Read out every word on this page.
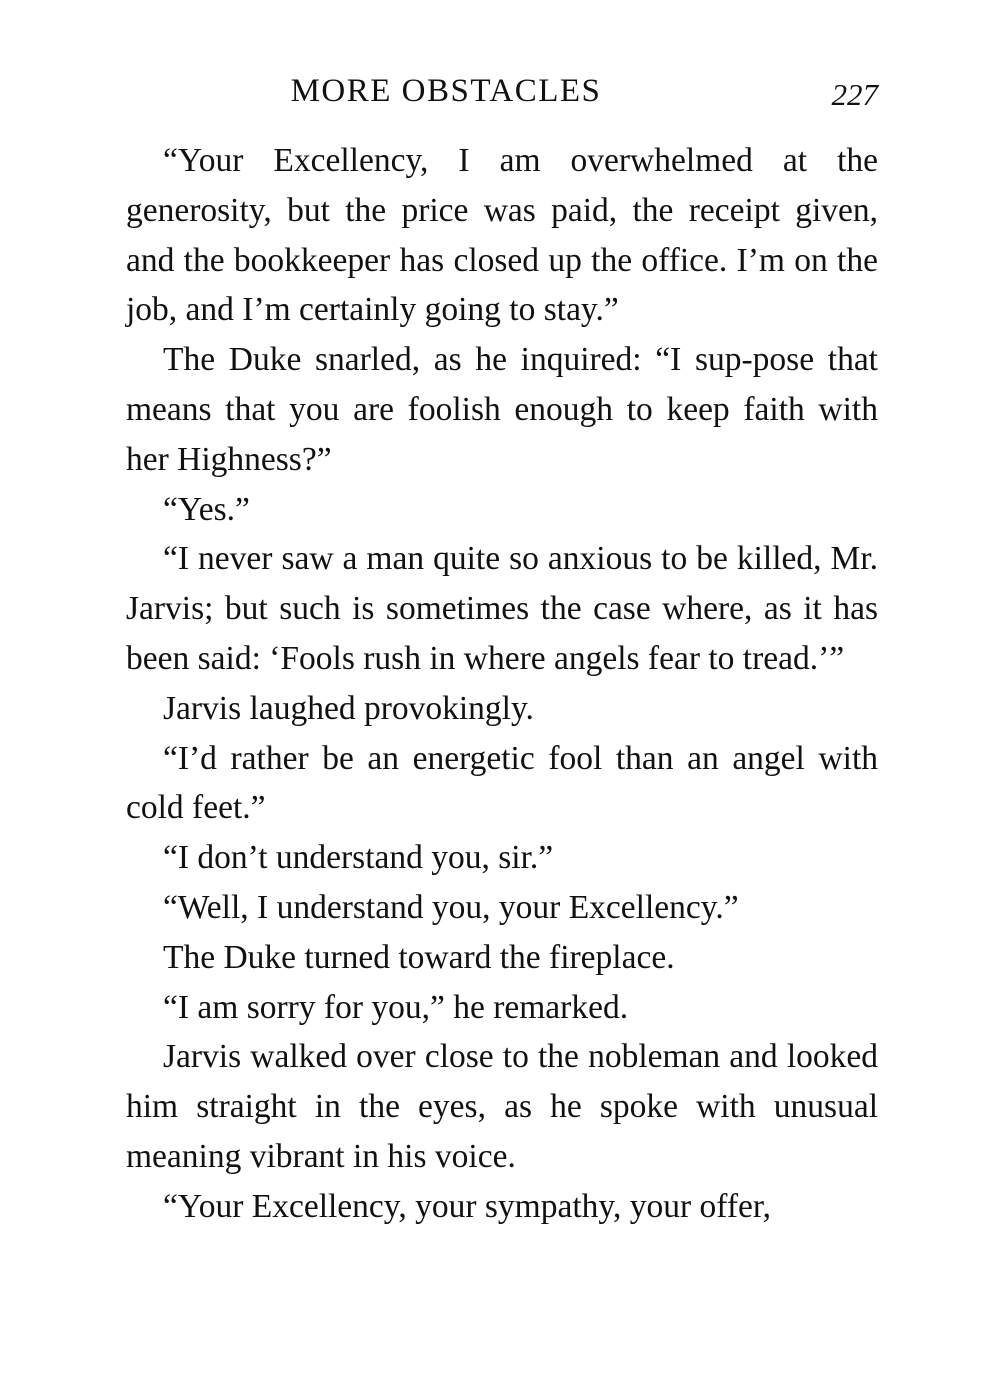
MORE OBSTACLES	227

“Your Excellency, I am overwhelmed at the generosity, but the price was paid, the receipt given, and the bookkeeper has closed up the office. I’m on the job, and I’m certainly going to stay.”

The Duke snarled, as he inquired: “I sup-pose that means that you are foolish enough to keep faith with her Highness?”

“Yes.”

“I never saw a man quite so anxious to be killed, Mr. Jarvis; but such is sometimes the case where, as it has been said: ‘Fools rush in where angels fear to tread.’”

Jarvis laughed provokingly.

“I’d rather be an energetic fool than an angel with cold feet.”

“I don’t understand you, sir.”

“Well, I understand you, your Excellency.”

The Duke turned toward the fireplace.

“I am sorry for you,” he remarked.

Jarvis walked over close to the nobleman and looked him straight in the eyes, as he spoke with unusual meaning vibrant in his voice.

“Your Excellency, your sympathy, your offer,
